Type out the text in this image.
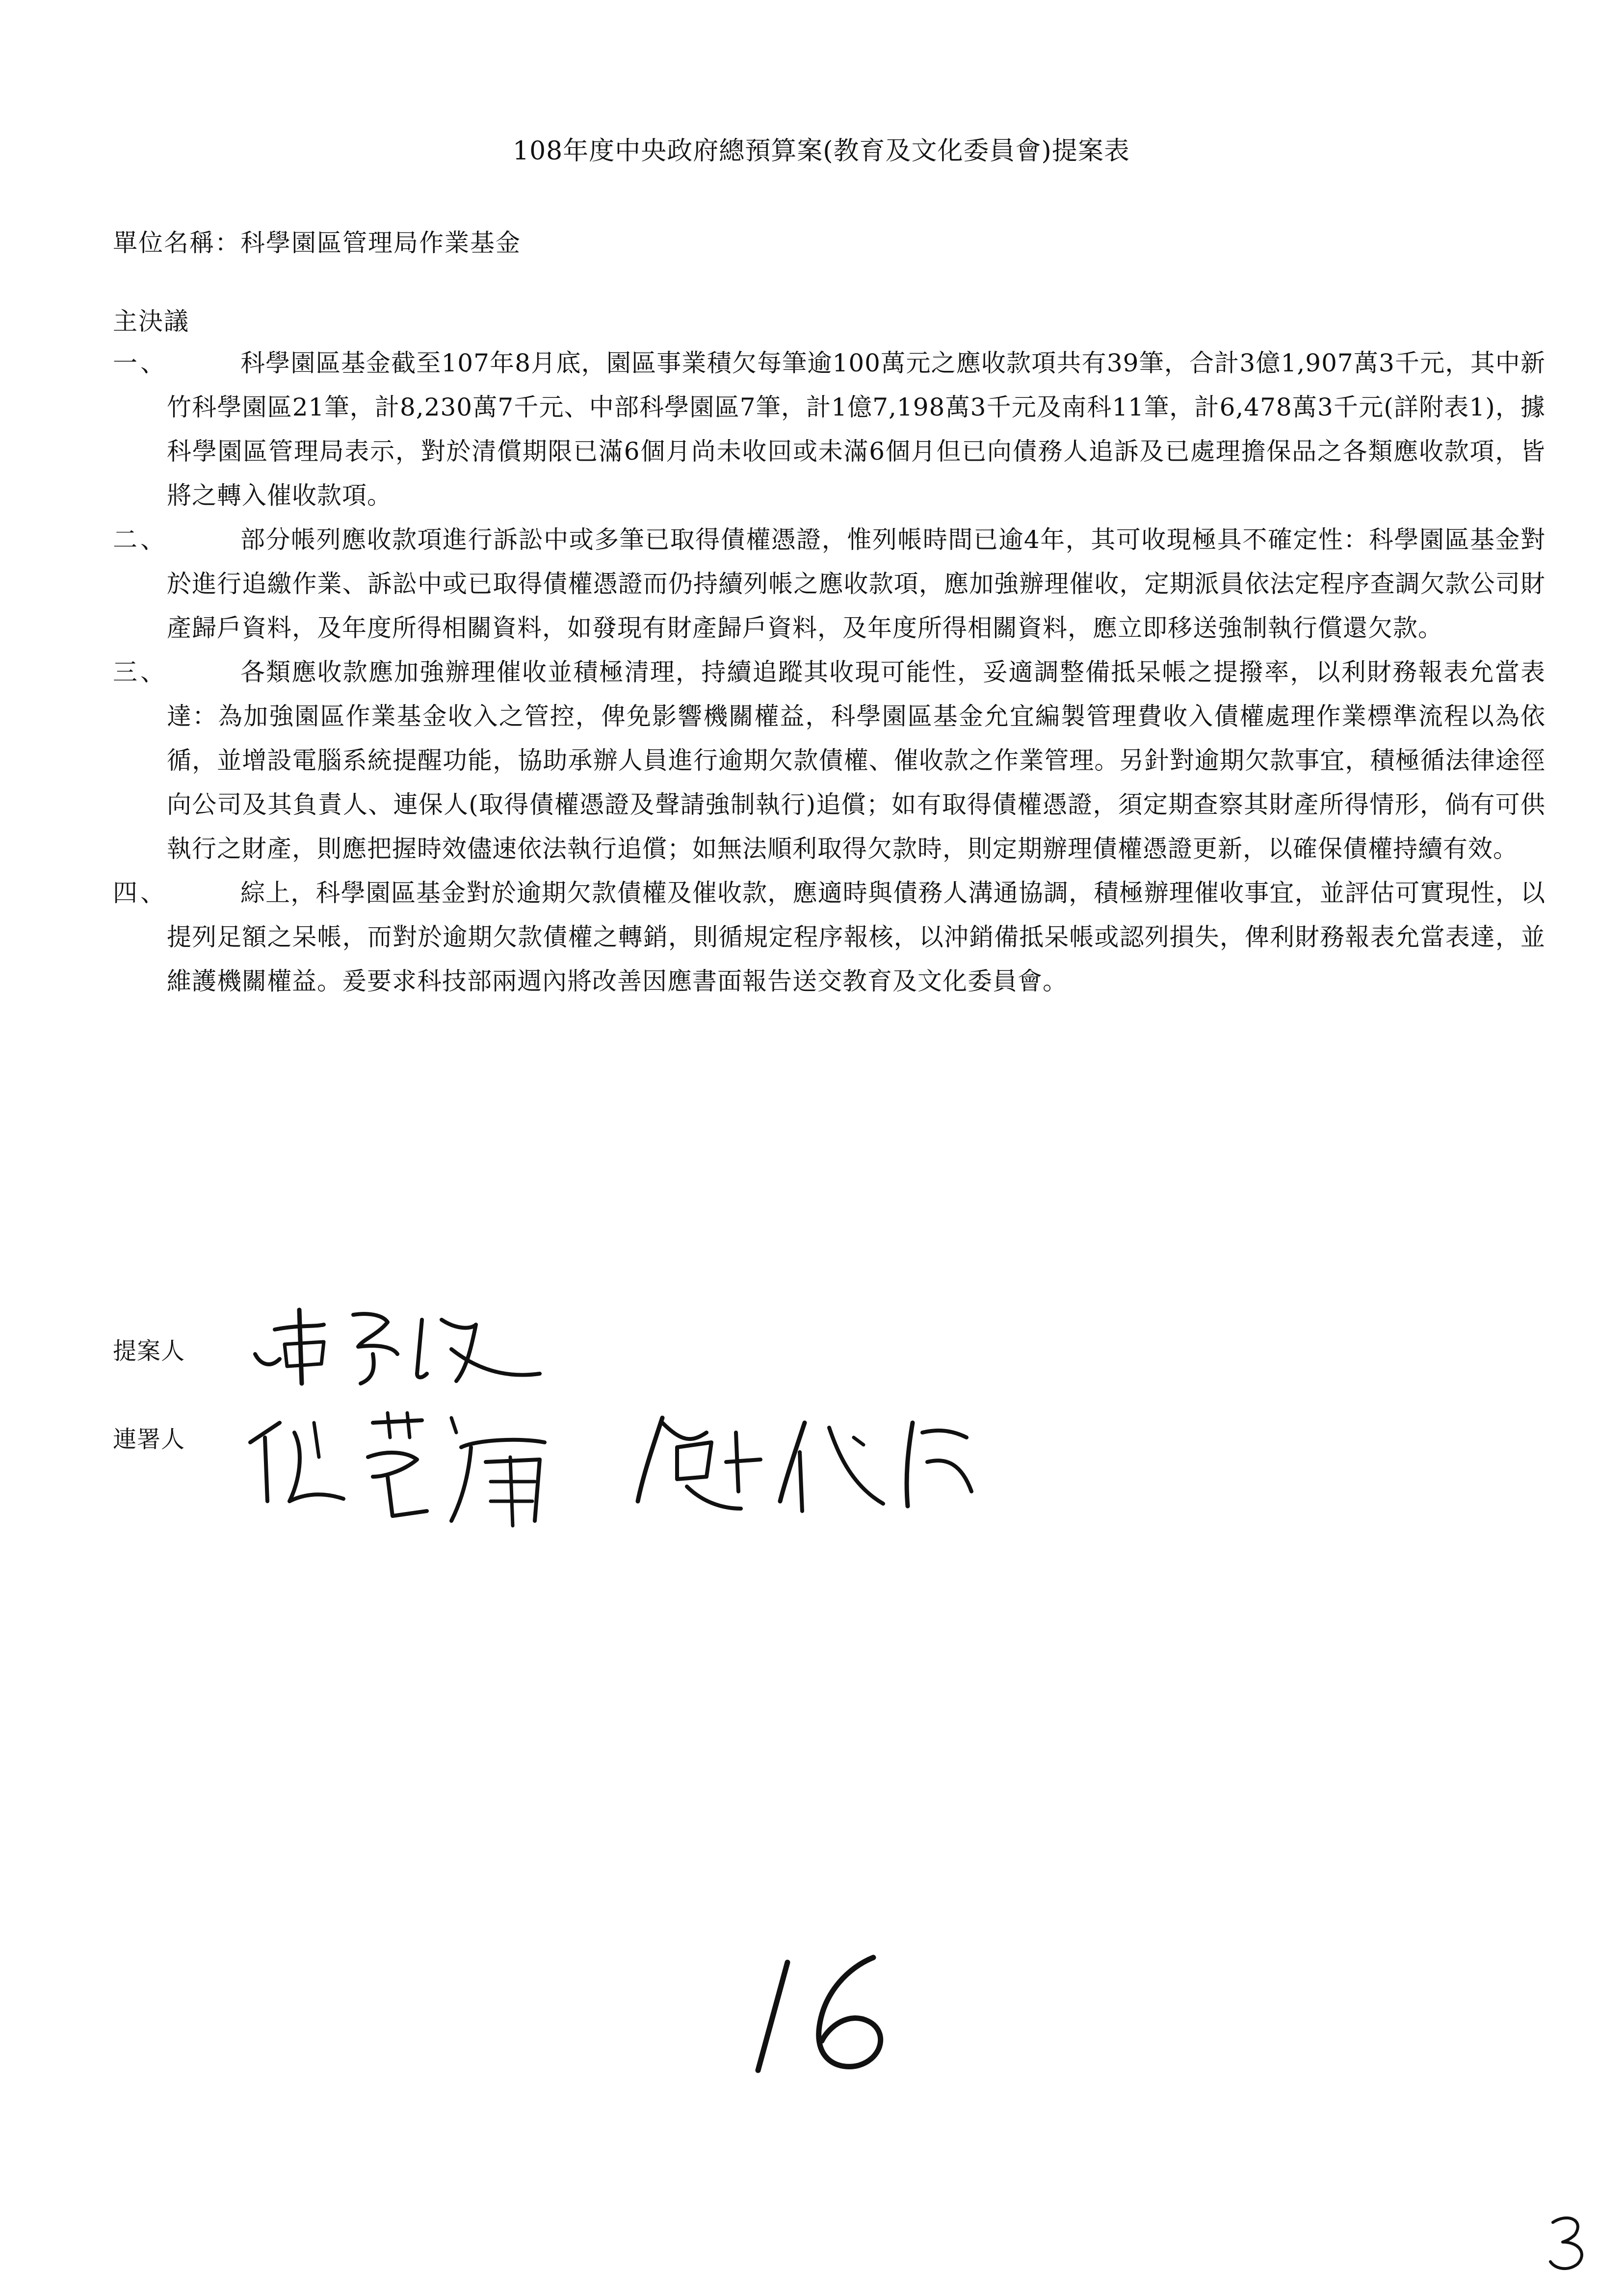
108年度中央政府總預算案(教育及文化委員會)提案表
單位名稱：科學園區管理局作業基金
主決議
一、	科學園區基金截至107年8月底，園區事業積欠每筆逾100萬元之應收款項共有39筆，合計3億1,907萬3千元，其中新竹科學園區21筆，計8,230萬7千元、中部科學園區7筆，計1億7,198萬3千元及南科11筆，計6,478萬3千元(詳附表1)，據科學園區管理局表示，對於清償期限已滿6個月尚未收回或未滿6個月但已向債務人追訴及已處理擔保品之各類應收款項，皆將之轉入催收款項。
二、	部分帳列應收款項進行訴訟中或多筆已取得債權憑證，惟列帳時間已逾4年，其可收現極具不確定性：科學園區基金對於進行追繳作業、訴訟中或已取得債權憑證而仍持續列帳之應收款項，應加強辦理催收，定期派員依法定程序查調欠款公司財產歸戶資料，及年度所得相關資料，如發現有財產歸戶資料，及年度所得相關資料，應立即移送強制執行償還欠款。
三、	各類應收款應加強辦理催收並積極清理，持續追蹤其收現可能性，妥適調整備抵呆帳之提撥率，以利財務報表允當表達：為加強園區作業基金收入之管控，俾免影響機關權益，科學園區基金允宜編製管理費收入債權處理作業標準流程以為依循，並增設電腦系統提醒功能，協助承辦人員進行逾期欠款債權、催收款之作業管理。另針對逾期欠款事宜，積極循法律途徑向公司及其負責人、連保人(取得債權憑證及聲請強制執行)追償；如有取得債權憑證，須定期查察其財產所得情形，倘有可供執行之財產，則應把握時效儘速依法執行追償；如無法順利取得欠款時，則定期辦理債權憑證更新，以確保債權持續有效。
四、	綜上，科學園區基金對於逾期欠款債權及催收款，應適時與債務人溝通協調，積極辦理催收事宜，並評估可實現性，以提列足額之呆帳，而對於逾期欠款債權之轉銷，則循規定程序報核，以沖銷備抵呆帳或認列損失，俾利財務報表允當表達，並維護機關權益。爰要求科技部兩週內將改善因應書面報告送交教育及文化委員會。
提案人
連署人
